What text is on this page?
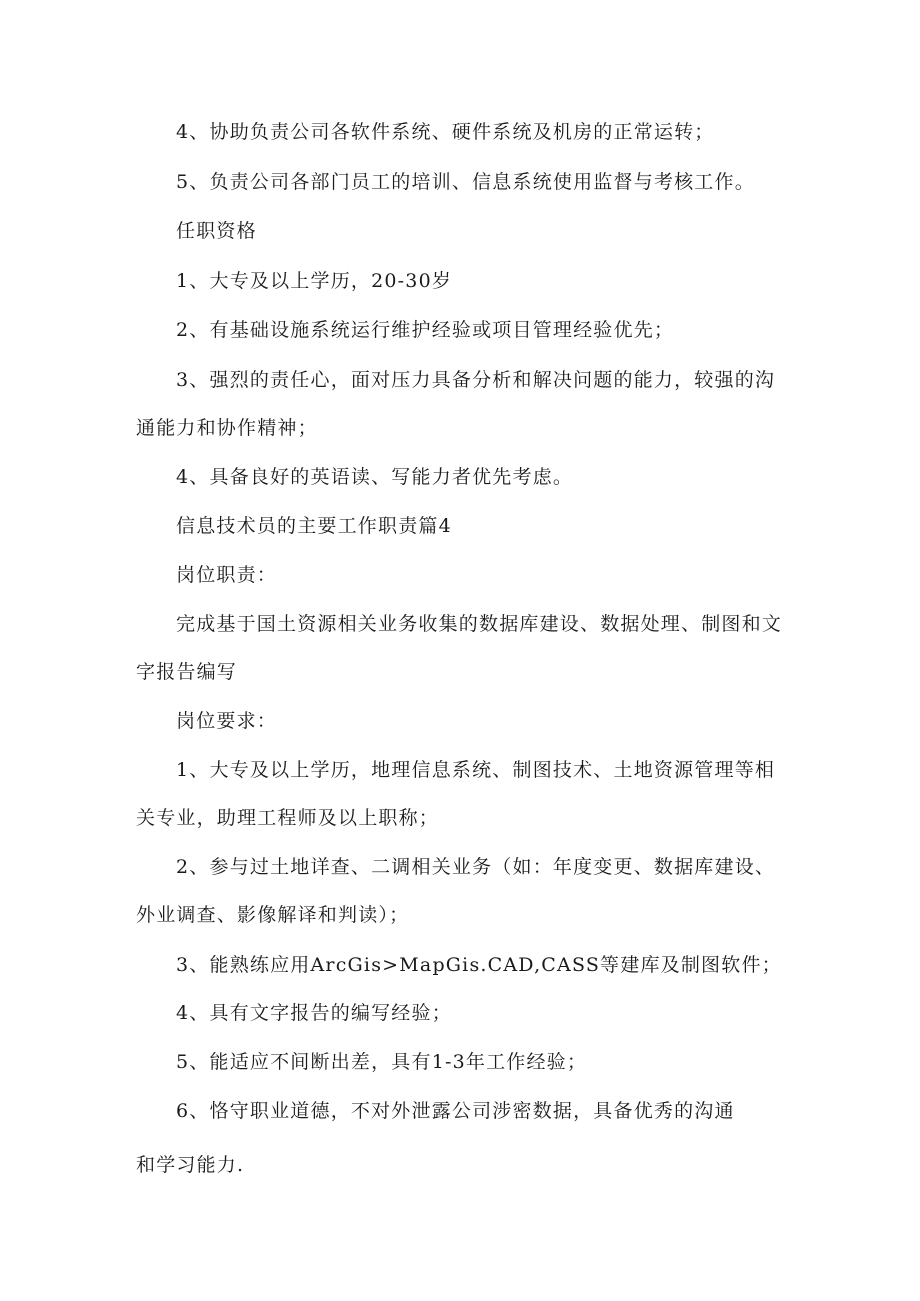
4、协助负责公司各软件系统、硬件系统及机房的正常运转；
5、负责公司各部门员工的培训、信息系统使用监督与考核工作。
任职资格
1、大专及以上学历，20-30岁
2、有基础设施系统运行维护经验或项目管理经验优先；
3、强烈的责任心，面对压力具备分析和解决问题的能力，较强的沟
通能力和协作精神；
4、具备良好的英语读、写能力者优先考虑。
信息技术员的主要工作职责篇4
岗位职责：
完成基于国土资源相关业务收集的数据库建设、数据处理、制图和文
字报告编写
岗位要求：
1、大专及以上学历，地理信息系统、制图技术、土地资源管理等相
关专业，助理工程师及以上职称；
2、参与过土地详查、二调相关业务（如：年度变更、数据库建设、
外业调查、影像解译和判读）；
3、能熟练应用ArcGis>MapGis.CAD,CASS等建库及制图软件；
4、具有文字报告的编写经验；
5、能适应不间断出差，具有1-3年工作经验；
6、恪守职业道德，不对外泄露公司涉密数据，具备优秀的沟通
和学习能力.
